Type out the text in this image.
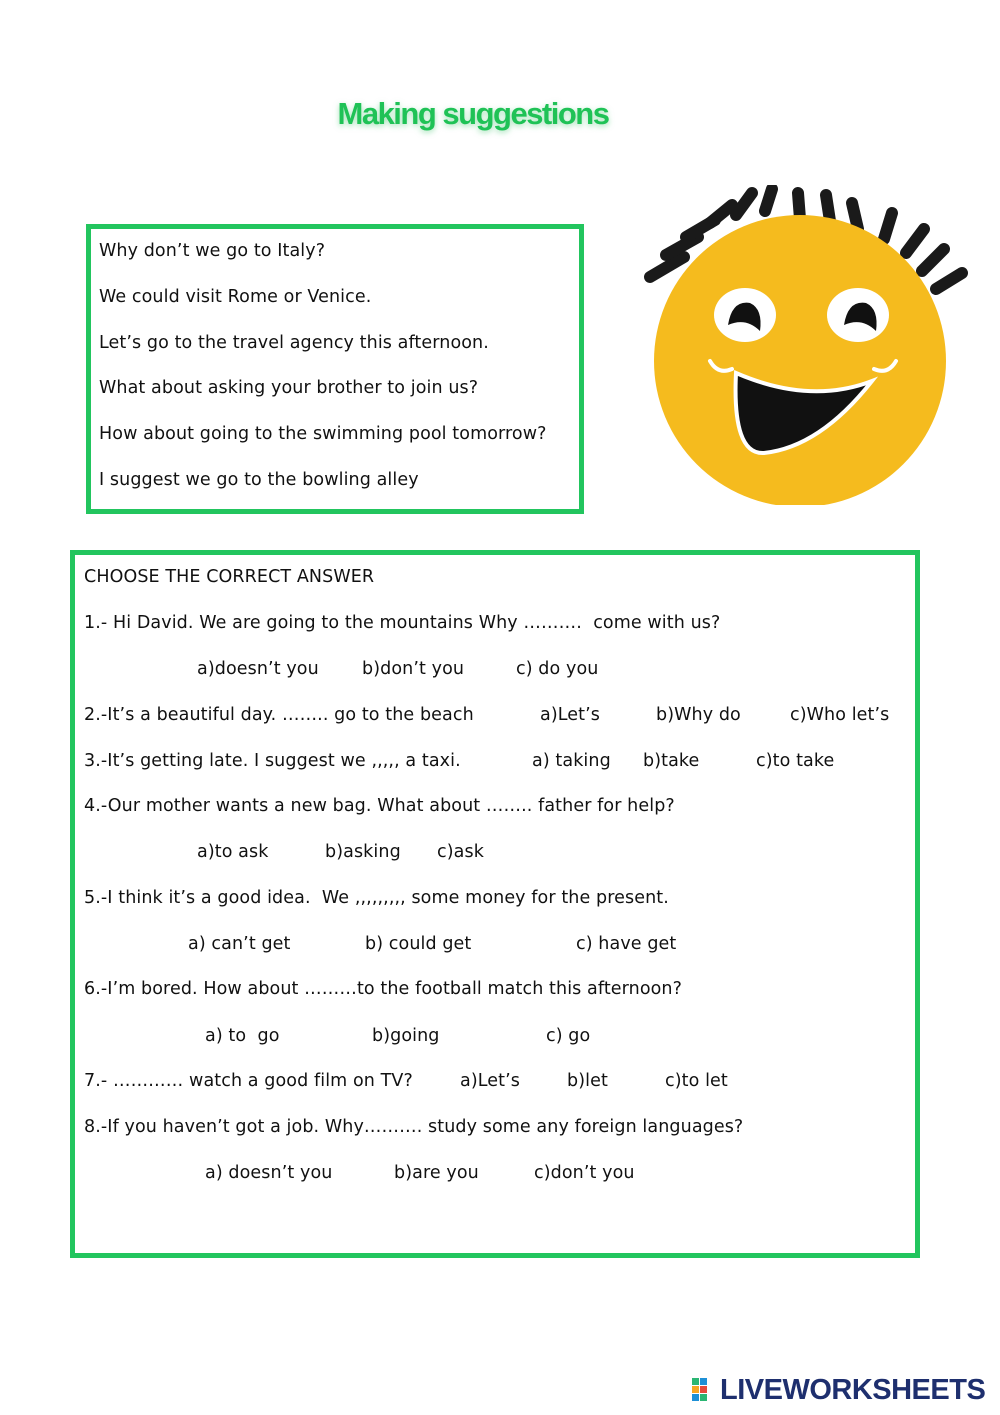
Making suggestions
Why don’t we go to Italy?
We could visit Rome or Venice.
Let’s go to the travel agency this afternoon.
What about asking your brother to join us?
How about going to the swimming pool tomorrow?
I suggest we go to the bowling alley
CHOOSE THE CORRECT ANSWER
1.- Hi David. We are going to the mountains Why ……….  come with us?
a)doesn’t you b)don’t you	c) do you
2.-It’s a beautiful day. …….. go to the beach	a)Let’s	b)Why do	c)Who let’s
3.-It’s getting late. I suggest we ,,,,, a taxi.	a) taking b)take	c)to take
4.-Our mother wants a new bag. What about …….. father for help?
a)to ask	b)asking c)ask
5.-I think it’s a good idea.  We ,,,,,,,,, some money for the present.
a) can’t get	b) could get	c) have get
6.-I’m bored. How about ………to the football match this afternoon?
a) to  go	b)going	c) go
7.- ………… watch a good film on TV?	a)Let’s	b)let	c)to let
8.-If you haven’t got a job. Why………. study some any foreign languages?
a) doesn’t you	b)are you	c)don’t you
LIVEWORKSHEETS
